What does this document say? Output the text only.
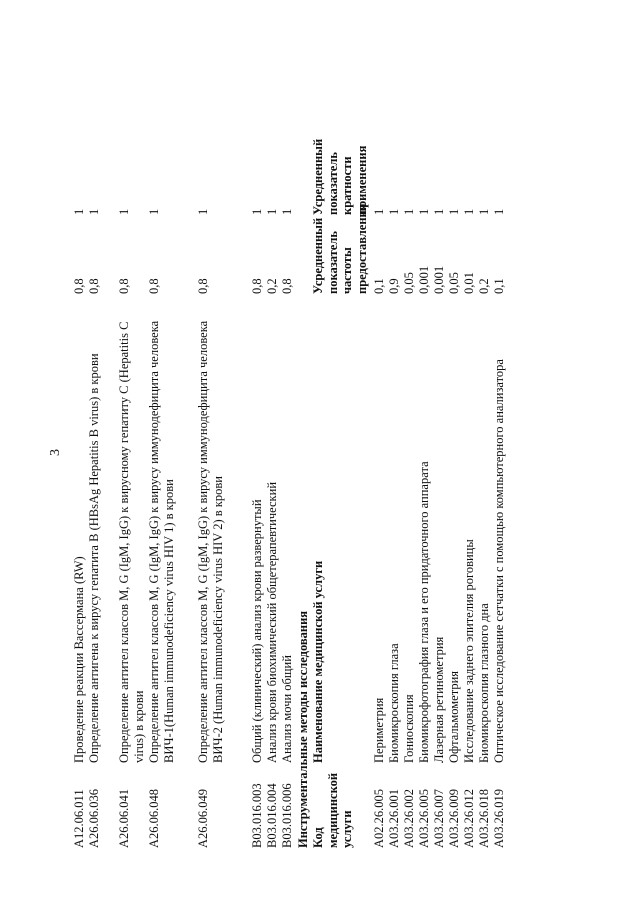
3
A12.06.011
Проведение реакции Вассермана (RW)
0,8
1
A26.06.036
Определение антигена к вирусу гепатита B (HBsAg Hepatitis B virus) в крови
0,8
1
A26.06.041
Определение антител классов M, G (IgM, IgG) к вирусному гепатиту C (Hepatitis C virus) в крови
0,8
1
A26.06.048
Определение антител классов M, G (IgM, IgG) к вирусу иммунодефицита человека ВИЧ-1(Human immunodeficiency virus HIV 1) в крови
0,8
1
A26.06.049
Определение антител классов M, G (IgM, IgG) к вирусу иммунодефицита человека ВИЧ-2 (Human immunodeficiency virus HIV 2) в крови
0,8
1
B03.016.003
Общий (клинический) анализ крови развернутый
0,8
1
B03.016.004
Анализ крови биохимический общетерапевтический
0,2
1
B03.016.006
Анализ мочи общий
0,8
1
Инструментальные методы исследования Код медицинской услуги
Наименование медицинской услуги
Усредненный показатель частоты предоставления
Усредненный показатель кратности применения
A02.26.005
Периметрия
0,1
1
A03.26.001
Биомикроскопия глаза
0,9
1
A03.26.002
Гониоскопия
0,05
1
A03.26.005
Биомикрофотография глаза и его придаточного аппарата
0,001
1
A03.26.007
Лазерная ретинометрия
0,001
1
A03.26.009
Офтальмометрия
0,05
1
A03.26.012
Исследование заднего эпителия роговицы
0,01
1
A03.26.018
Биомикроскопия глазного дна
0,2
1
A03.26.019
Оптическое исследование сетчатки с помощью компьютерного анализатора
0,1
1
